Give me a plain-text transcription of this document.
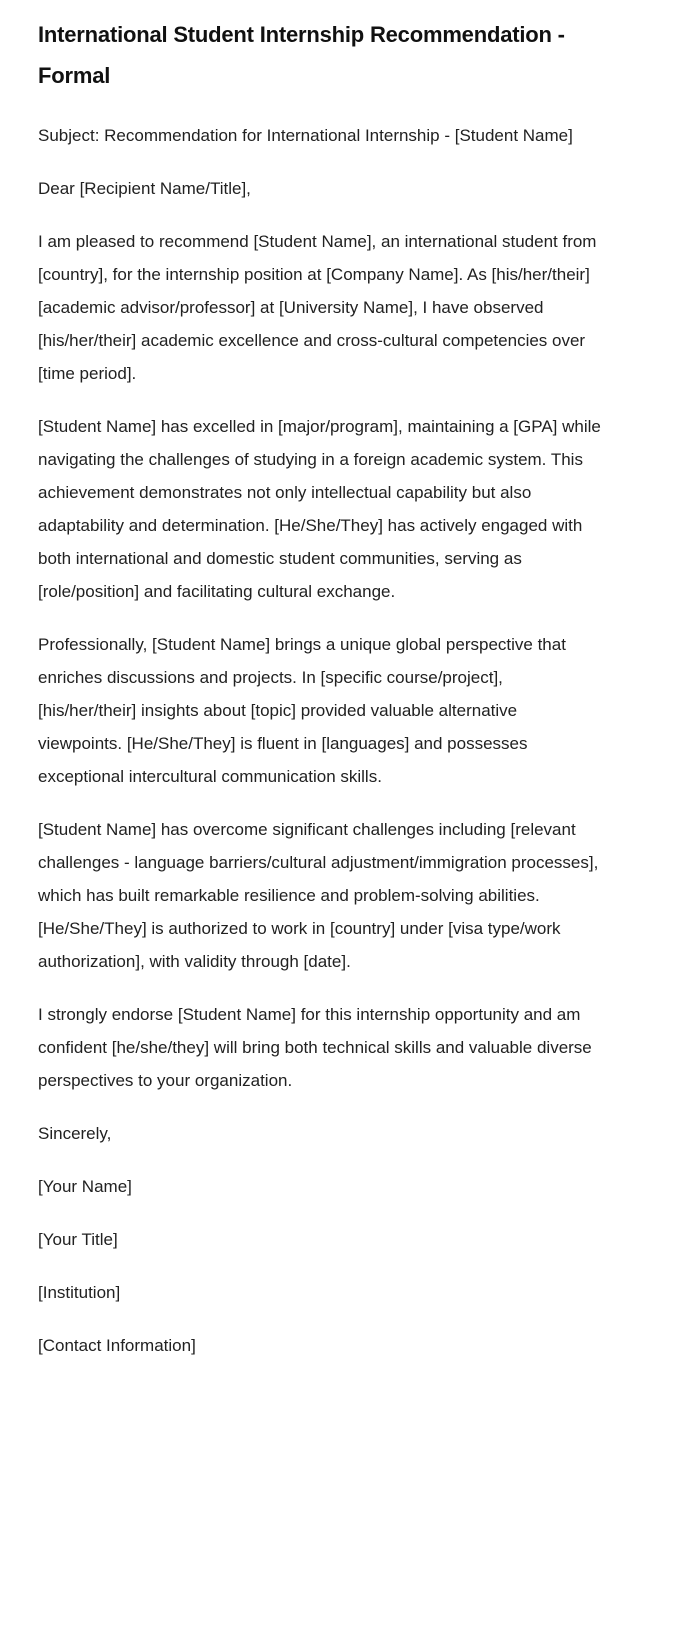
International Student Internship Recommendation - Formal

Subject: Recommendation for International Internship - [Student Name]

Dear [Recipient Name/Title],

I am pleased to recommend [Student Name], an international student from [country], for the internship position at [Company Name]. As [his/her/their] [academic advisor/professor] at [University Name], I have observed [his/her/their] academic excellence and cross-cultural competencies over [time period].

[Student Name] has excelled in [major/program], maintaining a [GPA] while navigating the challenges of studying in a foreign academic system. This achievement demonstrates not only intellectual capability but also adaptability and determination. [He/She/They] has actively engaged with both international and domestic student communities, serving as [role/position] and facilitating cultural exchange.

Professionally, [Student Name] brings a unique global perspective that enriches discussions and projects. In [specific course/project], [his/her/their] insights about [topic] provided valuable alternative viewpoints. [He/She/They] is fluent in [languages] and possesses exceptional intercultural communication skills.

[Student Name] has overcome significant challenges including [relevant challenges - language barriers/cultural adjustment/immigration processes], which has built remarkable resilience and problem-solving abilities. [He/She/They] is authorized to work in [country] under [visa type/work authorization], with validity through [date].

I strongly endorse [Student Name] for this internship opportunity and am confident [he/she/they] will bring both technical skills and valuable diverse perspectives to your organization.

Sincerely,

[Your Name]

[Your Title]

[Institution]

[Contact Information]
